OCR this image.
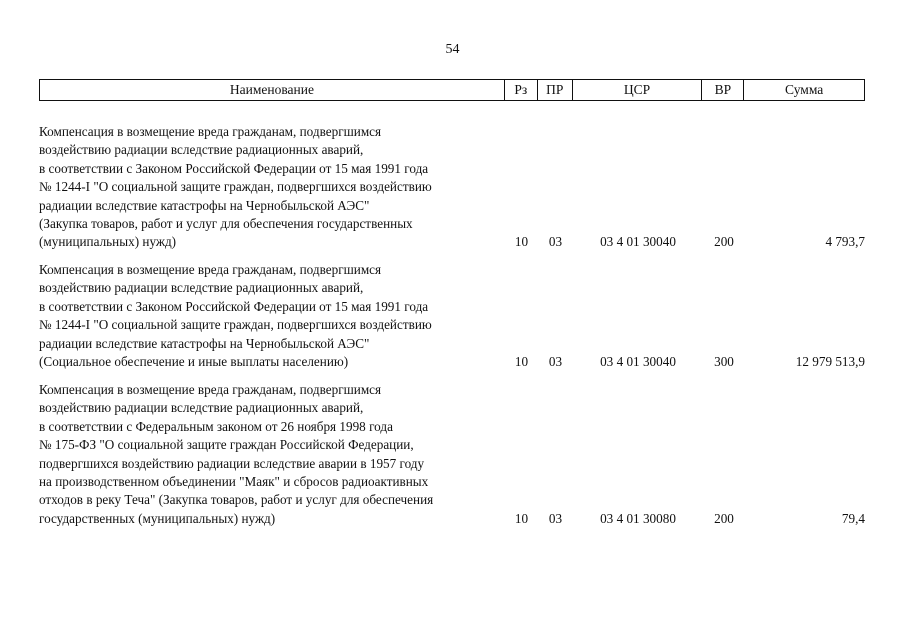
54
Наименование	Рз	ПР	ЦСР	ВР	Сумма
Компенсация в возмещение вреда гражданам, подвергшимся
воздействию радиации вследствие радиационных аварий,
в соответствии с Законом Российской Федерации от 15 мая 1991 года
№ 1244-I "О социальной защите граждан, подвергшихся воздействию
радиации вследствие катастрофы на Чернобыльской АЭС"
(Закупка товаров, работ и услуг для обеспечения государственных
(муниципальных) нужд)	10	03	03 4 01 30040	200	4 793,7
Компенсация в возмещение вреда гражданам, подвергшимся
воздействию радиации вследствие радиационных аварий,
в соответствии с Законом Российской Федерации от 15 мая 1991 года
№ 1244-I "О социальной защите граждан, подвергшихся воздействию
радиации вследствие катастрофы на Чернобыльской АЭС"
(Социальное обеспечение и иные выплаты населению)	10	03	03 4 01 30040	300	12 979 513,9
Компенсация в возмещение вреда гражданам, подвергшимся
воздействию радиации вследствие радиационных аварий,
в соответствии с Федеральным законом от 26 ноября 1998 года
№ 175-ФЗ "О социальной защите граждан Российской Федерации,
подвергшихся воздействию радиации вследствие аварии в 1957 году
на производственном объединении "Маяк" и сбросов радиоактивных
отходов в реку Теча" (Закупка товаров, работ и услуг для обеспечения
государственных (муниципальных) нужд)	10	03	03 4 01 30080	200	79,4
